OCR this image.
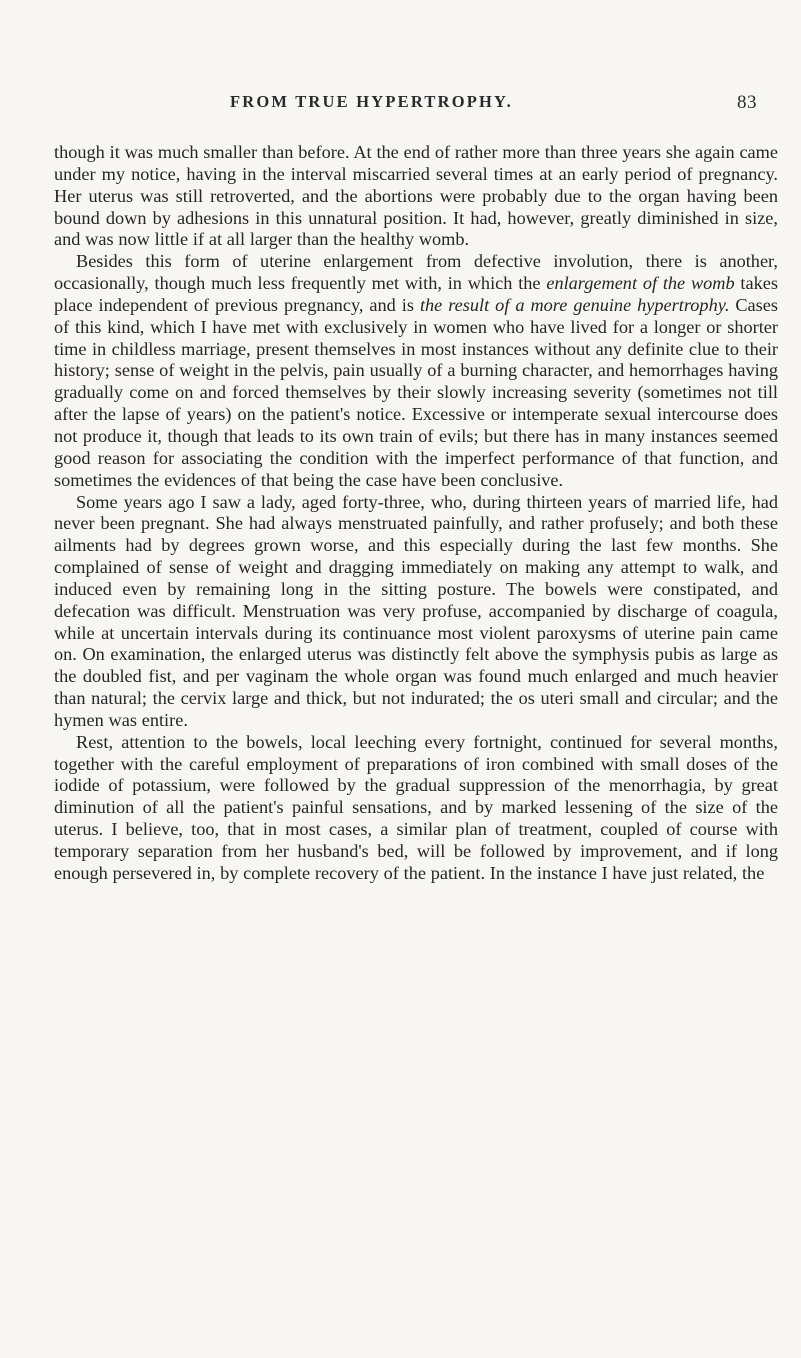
FROM TRUE HYPERTROPHY.	83

though it was much smaller than before. At the end of rather more than three years she again came under my notice, having in the interval miscarried several times at an early period of pregnancy. Her uterus was still retroverted, and the abortions were probably due to the organ having been bound down by adhesions in this unnatural position. It had, however, greatly diminished in size, and was now little if at all larger than the healthy womb.

Besides this form of uterine enlargement from defective involution, there is another, occasionally, though much less frequently met with, in which the enlargement of the womb takes place independent of previous pregnancy, and is the result of a more genuine hypertrophy. Cases of this kind, which I have met with exclusively in women who have lived for a longer or shorter time in childless marriage, present themselves in most instances without any definite clue to their history; sense of weight in the pelvis, pain usually of a burning character, and hemorrhages having gradually come on and forced themselves by their slowly increasing severity (sometimes not till after the lapse of years) on the patient's notice. Excessive or intemperate sexual intercourse does not produce it, though that leads to its own train of evils; but there has in many instances seemed good reason for associating the condition with the imperfect performance of that function, and sometimes the evidences of that being the case have been conclusive.

Some years ago I saw a lady, aged forty-three, who, during thirteen years of married life, had never been pregnant. She had always menstruated painfully, and rather profusely; and both these ailments had by degrees grown worse, and this especially during the last few months. She complained of sense of weight and dragging immediately on making any attempt to walk, and induced even by remaining long in the sitting posture. The bowels were constipated, and defecation was difficult. Menstruation was very profuse, accompanied by discharge of coagula, while at uncertain intervals during its continuance most violent paroxysms of uterine pain came on. On examination, the enlarged uterus was distinctly felt above the symphysis pubis as large as the doubled fist, and per vaginam the whole organ was found much enlarged and much heavier than natural; the cervix large and thick, but not indurated; the os uteri small and circular; and the hymen was entire.

Rest, attention to the bowels, local leeching every fortnight, continued for several months, together with the careful employment of preparations of iron combined with small doses of the iodide of potassium, were followed by the gradual suppression of the menorrhagia, by great diminution of all the patient's painful sensations, and by marked lessening of the size of the uterus. I believe, too, that in most cases, a similar plan of treatment, coupled of course with temporary separation from her husband's bed, will be followed by improvement, and if long enough persevered in, by complete recovery of the patient. In the instance I have just related, the
